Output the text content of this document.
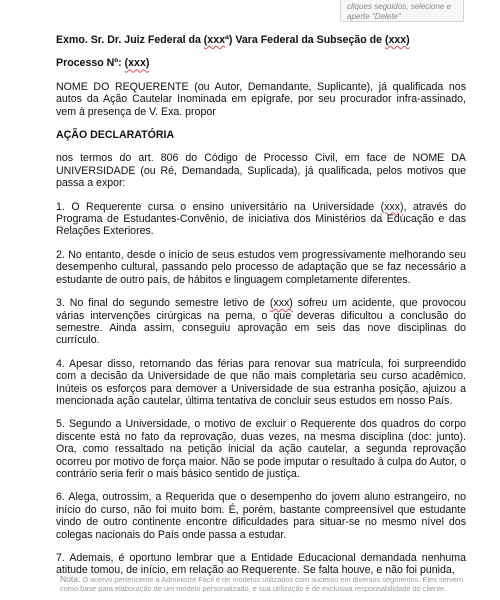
cliques seguidos, selecione e aperte "Delete"

Exmo. Sr. Dr. Juiz Federal da (xxxª) Vara Federal da Subseção de (xxx)

Processo Nº: (xxx)

NOME DO REQUERENTE (ou Autor, Demandante, Suplicante), já qualificada nos autos da Ação Cautelar Inominada em epígrafe, por seu procurador infra-assinado, vem à presença de V. Exa. propor

AÇÃO DECLARATÓRIA

nos termos do art. 806 do Código de Processo Civil, em face de NOME DA UNIVERSIDADE (ou Ré, Demandada, Suplicada), já qualificada, pelos motivos que passa a expor:

1. O Requerente cursa o ensino universitário na Universidade (xxx), através do Programa de Estudantes-Convênio, de iniciativa dos Ministérios da Educação e das Relações Exteriores.

2. No entanto, desde o início de seus estudos vem progressivamente melhorando seu desempenho cultural, passando pelo processo de adaptação que se faz necessário a estudante de outro país, de hábitos e linguagem completamente diferentes.

3. No final do segundo semestre letivo de (xxx) sofreu um acidente, que provocou várias intervenções cirúrgicas na perna, o que deveras dificultou a conclusão do semestre. Ainda assim, conseguiu aprovação em seis das nove disciplinas do currículo.

4. Apesar disso, retornando das férias para renovar sua matrícula, foi surpreendido com a decisão da Universidade de que não mais completaria seu curso acadêmico. Inúteis os esforços para demover a Universidade de sua estranha posição, ajuizou a mencionada ação cautelar, última tentativa de concluir seus estudos em nosso País.

5. Segundo a Universidade, o motivo de excluir o Requerente dos quadros do corpo discente está no fato da reprovação, duas vezes, na mesma disciplina (doc: junto). Ora, como ressaltado na petição inicial da ação cautelar, a segunda reprovação ocorreu por motivo de força maior. Não se pode imputar o resultado à culpa do Autor, o contrário seria ferir o mais básico sentido de justiça.

6. Alega, outrossim, a Requerida que o desempenho do jovem aluno estrangeiro, no início do curso, não foi muito bom. É, porém, bastante compreensível que estudante vindo de outro continente encontre dificuldades para situar-se no mesmo nível dos colegas nacionais do País onde passa a estudar.

7. Ademais, é oportuno lembrar que a Entidade Educacional demandada nenhuma atitude tomou, de início, em relação ao Requerente. Se falta houve, e não foi punida,

Nota: O acervo pertencente a Administre Fácil é de modelos utilizados com sucesso em diversos segmentos. Eles servem como base para elaboração de um modelo personalizado, e sua utilização é de exclusiva responsabilidade do cliente.
